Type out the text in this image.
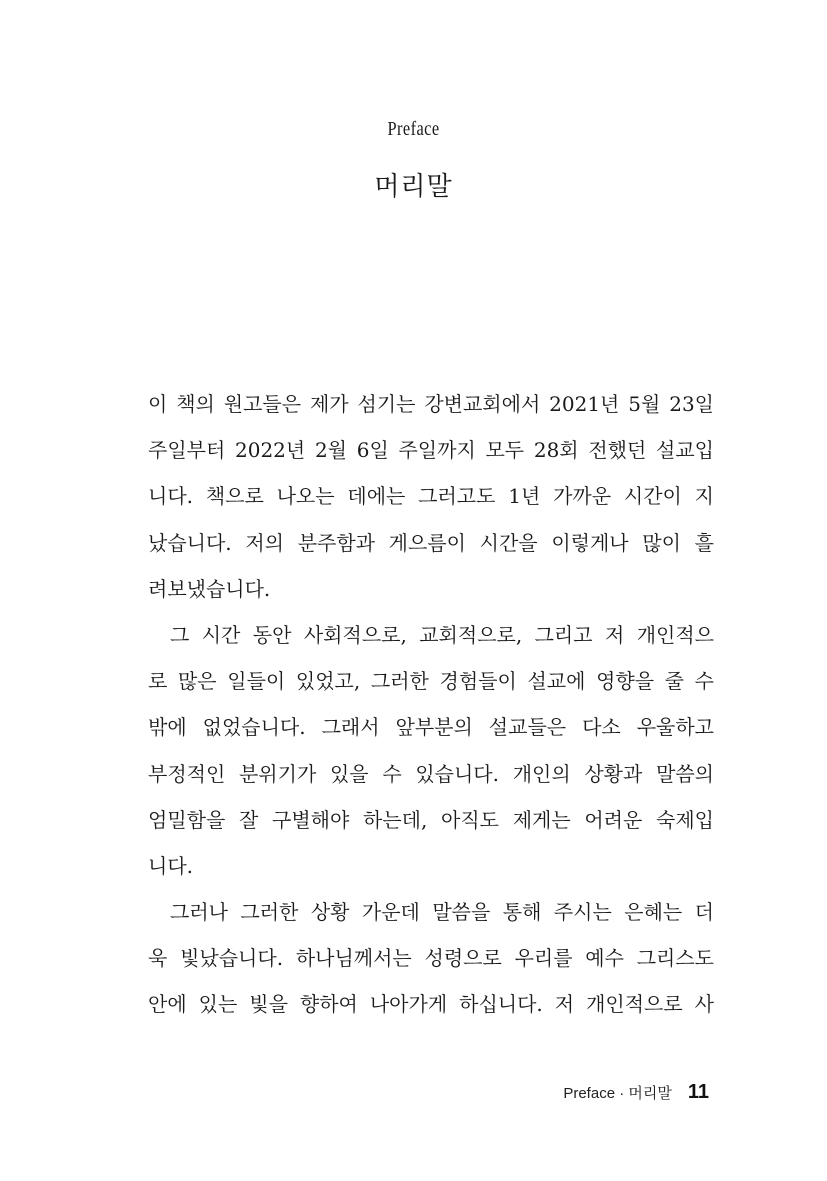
Preface
머리말
이 책의 원고들은 제가 섬기는 강변교회에서 2021년 5월 23일
주일부터 2022년 2월 6일 주일까지 모두 28회 전했던 설교입
니다. 책으로 나오는 데에는 그러고도 1년 가까운 시간이 지
났습니다. 저의 분주함과 게으름이 시간을 이렇게나 많이 흘
려보냈습니다.
그 시간 동안 사회적으로, 교회적으로, 그리고 저 개인적으
로 많은 일들이 있었고, 그러한 경험들이 설교에 영향을 줄 수
밖에 없었습니다. 그래서 앞부분의 설교들은 다소 우울하고
부정적인 분위기가 있을 수 있습니다. 개인의 상황과 말씀의
엄밀함을 잘 구별해야 하는데, 아직도 제게는 어려운 숙제입
니다.
그러나 그러한 상황 가운데 말씀을 통해 주시는 은혜는 더
욱 빛났습니다. 하나님께서는 성령으로 우리를 예수 그리스도
안에 있는 빛을 향하여 나아가게 하십니다. 저 개인적으로 사
Preface · 머리말 11
